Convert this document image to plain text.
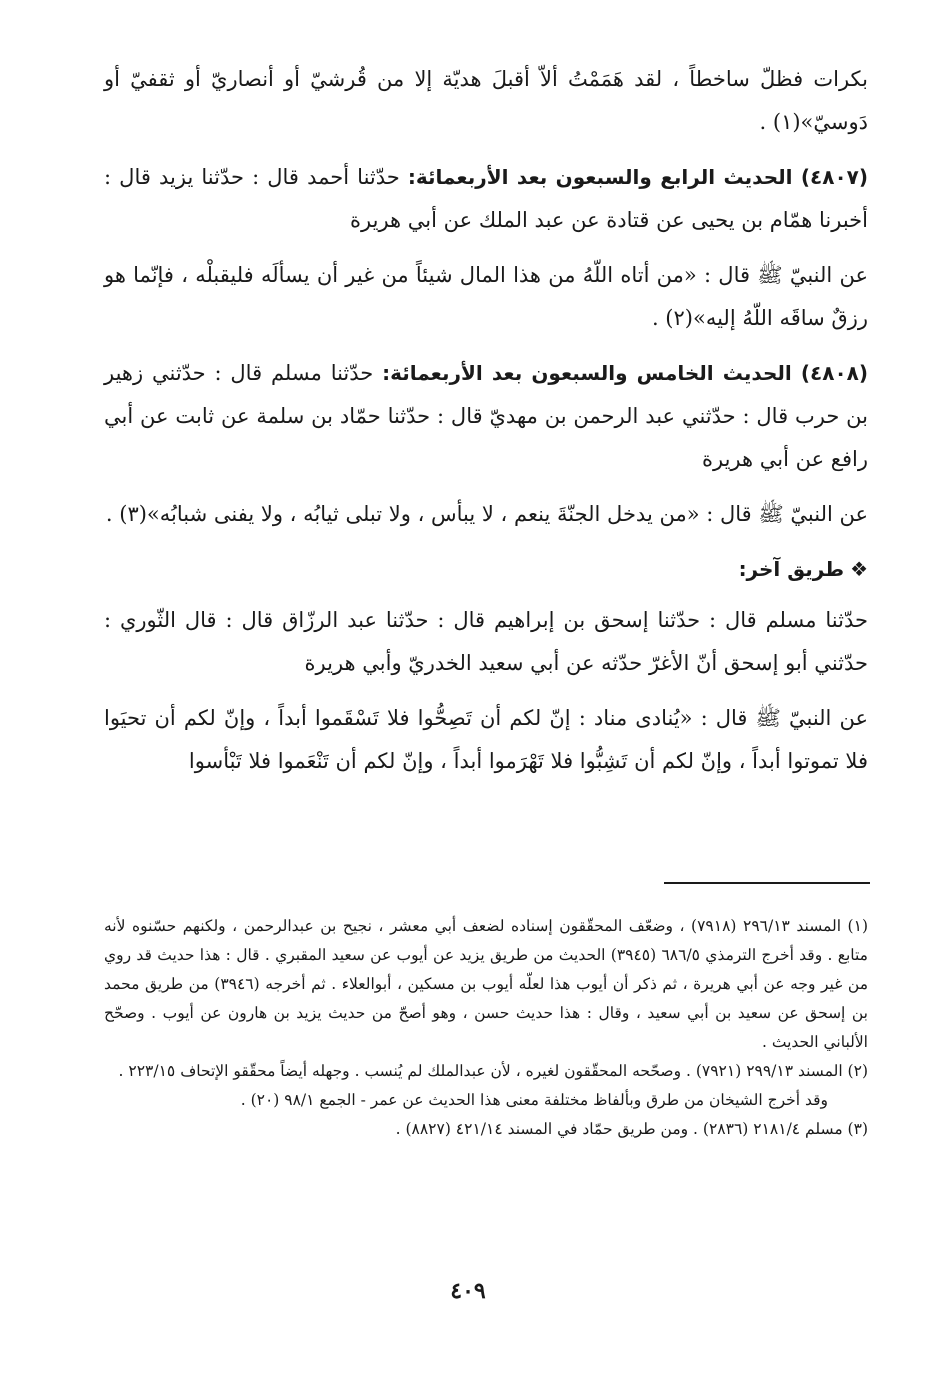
بكرات فظلّ ساخطاً ، لقد هَمَمْتُ ألاّ أقبلَ هديّة إلا من قُرشيّ أو أنصاريّ أو ثقفيّ أو دَوسيّ»(١) .

(٤٨٠٧) الحديث الرابع والسبعون بعد الأربعمائة: حدّثنا أحمد قال : حدّثنا يزيد قال : أخبرنا همّام بن يحيى عن قتادة عن عبد الملك عن أبي هريرة

عن النبيّ ﷺ قال : «من أتاه اللّهُ من هذا المال شيئاً من غير أن يسألَه فليقبلْه ، فإنّما هو رزقٌ ساقَه اللّهُ إليه»(٢) .

(٤٨٠٨) الحديث الخامس والسبعون بعد الأربعمائة: حدّثنا مسلم قال : حدّثني زهير بن حرب قال : حدّثني عبد الرحمن بن مهديّ قال : حدّثنا حمّاد بن سلمة عن ثابت عن أبي رافع عن أبي هريرة

عن النبيّ ﷺ قال : «من يدخل الجنّةَ ينعم ، لا يبأس ، ولا تبلى ثيابُه ، ولا يفنى شبابُه»(٣) .

❖طريق آخر:

حدّثنا مسلم قال : حدّثنا إسحق بن إبراهيم قال : حدّثنا عبد الرزّاق قال : قال الثّوري : حدّثني أبو إسحق أنّ الأغرّ حدّثه عن أبي سعيد الخدريّ وأبي هريرة

عن النبيّ ﷺ قال : «يُنادى مناد : إنّ لكم أن تَصِحُّوا فلا تَسْقَموا أبداً ، وإنّ لكم أن تحيَوا فلا تموتوا أبداً ، وإنّ لكم أن تَشِبُّوا فلا تَهْرَموا أبداً ، وإنّ لكم أن تَنْعَموا فلا تَبْأسوا

(١) المسند ٢٩٦/١٣ (٧٩١٨) ، وضعّف المحقّقون إسناده لضعف أبي معشر ، نجيح بن عبدالرحمن ، ولكنهم حسّنوه لأنه متابع . وقد أخرج الترمذي ٦٨٦/٥ (٣٩٤٥) الحديث من طريق يزيد عن أيوب عن سعيد المقبري . قال : هذا حديث قد روي من غير وجه عن أبي هريرة ، ثم ذكر أن أيوب هذا لعلّه أيوب بن مسكين ، أبوالعلاء . ثم أخرجه (٣٩٤٦) من طريق محمد بن إسحق عن سعيد بن أبي سعيد ، وقال : هذا حديث حسن ، وهو أصحّ من حديث يزيد بن هارون عن أيوب . وصحّح الألباني الحديث .

(٢) المسند ٢٩٩/١٣ (٧٩٢١) . وصحّحه المحقّقون لغيره ، لأن عبدالملك لم يُنسب . وجهله أيضاً محقّقو الإتحاف ٢٢٣/١٥ .

وقد أخرج الشيخان من طرق وبألفاظ مختلفة معنى هذا الحديث عن عمر - الجمع ٩٨/١ (٢٠) .

(٣) مسلم ٢١٨١/٤ (٢٨٣٦) . ومن طريق حمّاد في المسند ٤٢١/١٤ (٨٨٢٧) .

٤٠٩
